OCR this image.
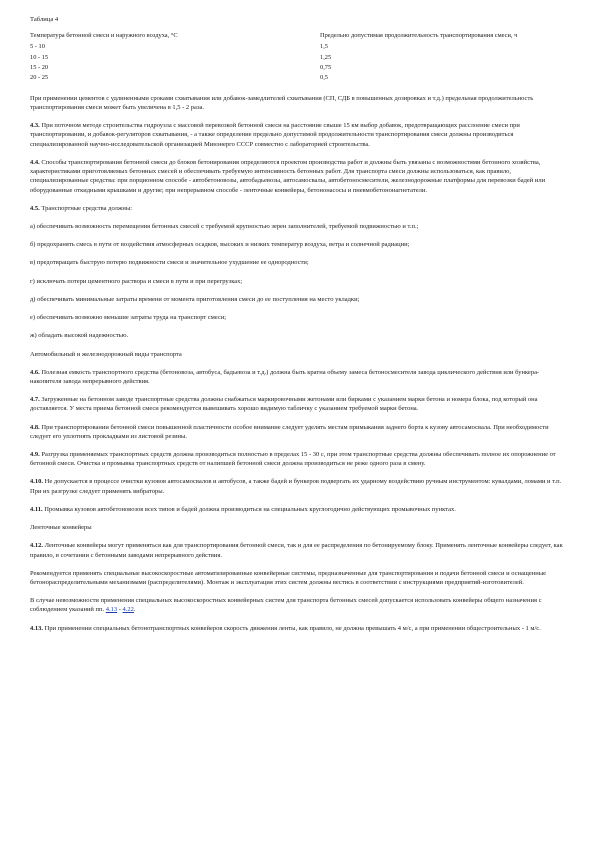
Таблица 4
Температура бетонной смеси и наружного воздуха, °С	Предельно допустимая продолжительность транспортирования смеси, ч
5 - 10	1,5
10 - 15	1,25
15 - 20	0,75
20 - 25	0,5

При применении цементов с удлиненными сроками схватывания или добавок-замедлителей схватывания (СП, СДБ в повышенных дозировках и т.д.) предельная продолжительность транспортирования смеси может быть увеличена в 1,5 - 2 раза.

4.3. При поточном методе строительства гидроузла с массовой перевозкой бетонной смеси на расстояние свыше 15 км выбор добавок, предотвращающих расслоение смеси при транспортировании, и добавок-регуляторов схватывания, - а также определение предельно допустимой продолжительности транспортирования смеси должны производиться специализированной научно-исследовательской организацией Минэнерго СССР совместно с лабораторией строительства.

4.4. Способы транспортирования бетонной смеси до блоков бетонирования определяются проектом производства работ и должны быть увязаны с возможностями бетонного хозяйства, характеристиками приготовляемых бетонных смесей и обеспечивать требуемую интенсивность бетонных работ. Для транспорта смеси должны использоваться, как правило, специализированные средства: при порционном способе - автобетоновозы, автобадьевозы, автосамосвалы, автобетоносмесители, железнодорожные платформы для перевозки бадей или оборудованные откидными крышками и другие; при непрерывном способе - ленточные конвейеры, бетононасосы и пневмобетононагнетатели.

4.5. Транспортные средства должны:

а) обеспечивать возможность перемещения бетонных смесей с требуемой крупностью зерен заполнителей, требуемой подвижностью и т.п.;

б) предохранять смесь в пути от воздействия атмосферных осадков, высоких и низких температур воздуха, ветра и солнечной радиации;

в) предотвращать быструю потерю подвижности смеси и значительное ухудшение ее однородности;

г) исключать потери цементного раствора и смеси в пути и при перегрузках;

д) обеспечивать минимальные затраты времени от момента приготовления смеси до ее поступления на место укладки;

е) обеспечивать возможно меньшие затраты труда на транспорт смеси;

ж) обладать высокой надежностью.

Автомобильный и железнодорожный виды транспорта

4.6. Полезная емкость транспортного средства (бетоновоза, автобуса, бадьевоза и т.д.) должна быть кратна объему замеса бетоносмесителя завода циклического действия или бункера-накопителя завода непрерывного действия.

4.7. Загруженные на бетонном заводе транспортные средства должны снабжаться маркировочными жетонами или бирками с указанием марки бетона и номера блока, под который она доставляется. У места приема бетонной смеси рекомендуется вывешивать хорошо видимую табличку с указанием требуемой марки бетона.

4.8. При транспортировании бетонной смеси повышенной пластичности особое внимание следует уделять местам примыкания заднего борта к кузову автосамосвала. При необходимости следует его уплотнять прокладками из листовой резины.

4.9. Разгрузка применяемых транспортных средств должна производиться полностью в пределах 15 - 30 с, при этом транспортные средства должны обеспечивать полное их опорожнение от бетонной смеси. Очистка и промывка транспортных средств от налипшей бетонной смеси должна производиться не реже одного раза в смену.

4.10. Не допускается в процессе очистки кузовов автосамосвалов и автобусов, а также бадей и бункеров подвергать их ударному воздействию ручным инструментом: кувалдами, ломами и т.п. При их разгрузке следует применять вибраторы.

4.11. Промывка кузовов автобетоновозов всех типов и бадей должна производиться на специальных круглогодично действующих промывочных пунктах.

Ленточные конвейеры

4.12. Ленточные конвейеры могут применяться как для транспортирования бетонной смеси, так и для ее распределения по бетонируемому блоку. Применять ленточные конвейеры следует, как правило, в сочетании с бетонными заводами непрерывного действия.

Рекомендуется применять специальные высокоскоростные автоматизированные конвейерные системы, предназначенные для транспортирования и подачи бетонной смеси и оснащенные бетонораспределительными механизмами (распределителями). Монтаж и эксплуатация этих систем должны вестись в соответствии с инструкциями предприятий-изготовителей.

В случае невозможности применения специальных высокоскоростных конвейерных систем для транспорта бетонных смесей допускается использовать конвейеры общего назначения с соблюдением указаний пп. 4.13 - 4.22.

4.13. При применении специальных бетонотранспортных конвейеров скорость движения ленты, как правило, не должна превышать 4 м/с, а при применении общестроительных - 1 м/с.
